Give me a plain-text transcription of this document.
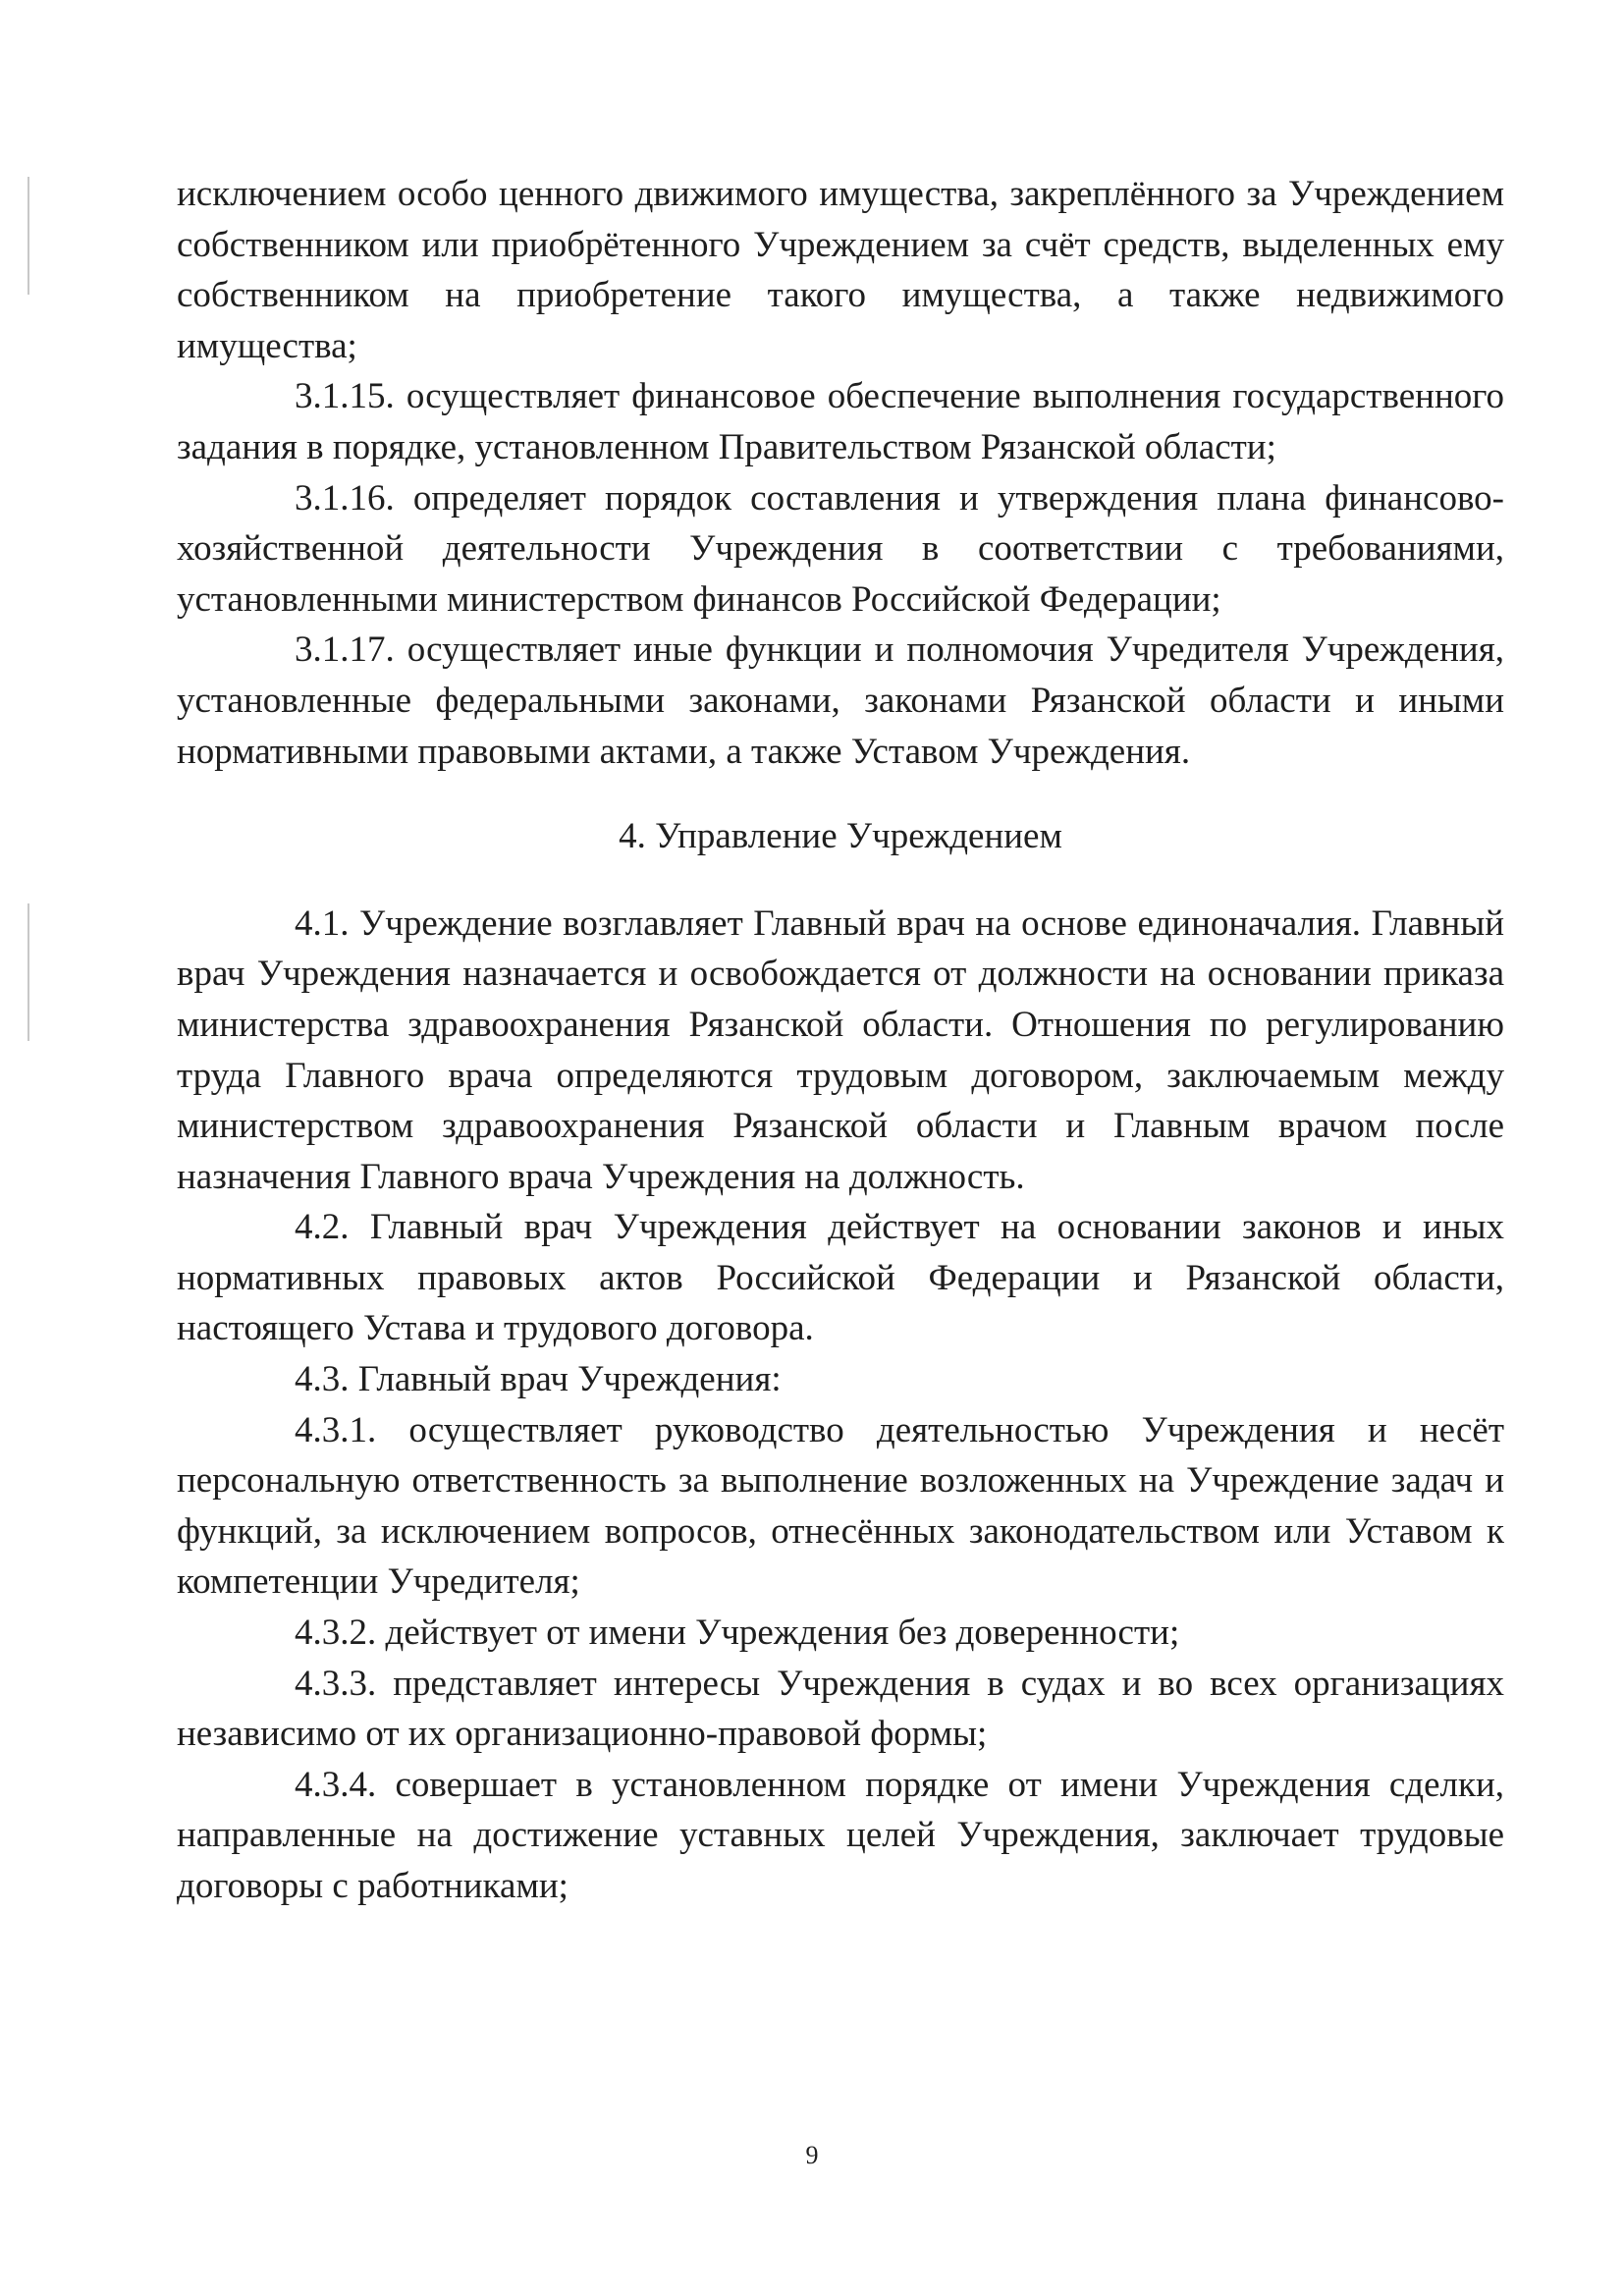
исключением особо ценного движимого имущества, закреплённого за Учреждением собственником или приобрётенного Учреждением за счёт средств, выделенных ему собственником на приобретение такого имущества, а также недвижимого имущества;

3.1.15. осуществляет финансовое обеспечение выполнения государственного задания в порядке, установленном Правительством Рязанской области;

3.1.16. определяет порядок составления и утверждения плана финансово-хозяйственной деятельности Учреждения в соответствии с требованиями, установленными министерством финансов Российской Федерации;

3.1.17. осуществляет иные функции и полномочия Учредителя Учреждения, установленные федеральными законами, законами Рязанской области и иными нормативными правовыми актами, а также Уставом Учреждения.

4. Управление Учреждением

4.1. Учреждение возглавляет Главный врач на основе единоначалия. Главный врач Учреждения назначается и освобождается от должности на основании приказа министерства здравоохранения Рязанской области. Отношения по регулированию труда Главного врача определяются трудовым договором, заключаемым между министерством здравоохранения Рязанской области и Главным врачом после назначения Главного врача Учреждения на должность.

4.2. Главный врач Учреждения действует на основании законов и иных нормативных правовых актов Российской Федерации и Рязанской области, настоящего Устава и трудового договора.

4.3. Главный врач Учреждения:

4.3.1. осуществляет руководство деятельностью Учреждения и несёт персональную ответственность за выполнение возложенных на Учреждение задач и функций, за исключением вопросов, отнесённых законодательством или Уставом к компетенции Учредителя;

4.3.2. действует от имени Учреждения без доверенности;

4.3.3. представляет интересы Учреждения в судах и во всех организациях независимо от их организационно-правовой формы;

4.3.4. совершает в установленном порядке от имени Учреждения сделки, направленные на достижение уставных целей Учреждения, заключает трудовые договоры с работниками;

9
